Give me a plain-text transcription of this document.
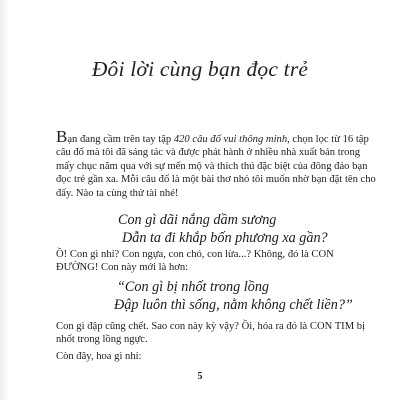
Đôi lời cùng bạn đọc trẻ
Bạn đang cầm trên tay tập 420 câu đố vui thông minh, chọn lọc từ 16 tập câu đố mà tôi đã sáng tác và được phát hành ở nhiều nhà xuất bản trong mấy chục năm qua với sự mến mộ và thích thú đặc biệt của đông đảo bạn đọc trẻ gần xa. Mỗi câu đố là một bài thơ nhỏ tôi muốn nhờ bạn đặt tên cho đấy. Nào ta cùng thử tài nhé!
Con gì dãi nắng dầm sương
Dẫn ta đi khắp bốn phương xa gần?
Ồ! Con gì nhỉ? Con ngựa, con chó, con lừa...? Không, đó là CON ĐƯỜNG! Con này mới là hơn:
“Con gì bị nhốt trong lồng
Đập luôn thì sống, nằm không chết liền?”
Con gì đập cũng chết. Sao con này kỳ vậy? Ồi, hóa ra đó là CON TIM bị nhốt trong lồng ngực.
Còn đây, hoa gì nhỉ:
5
